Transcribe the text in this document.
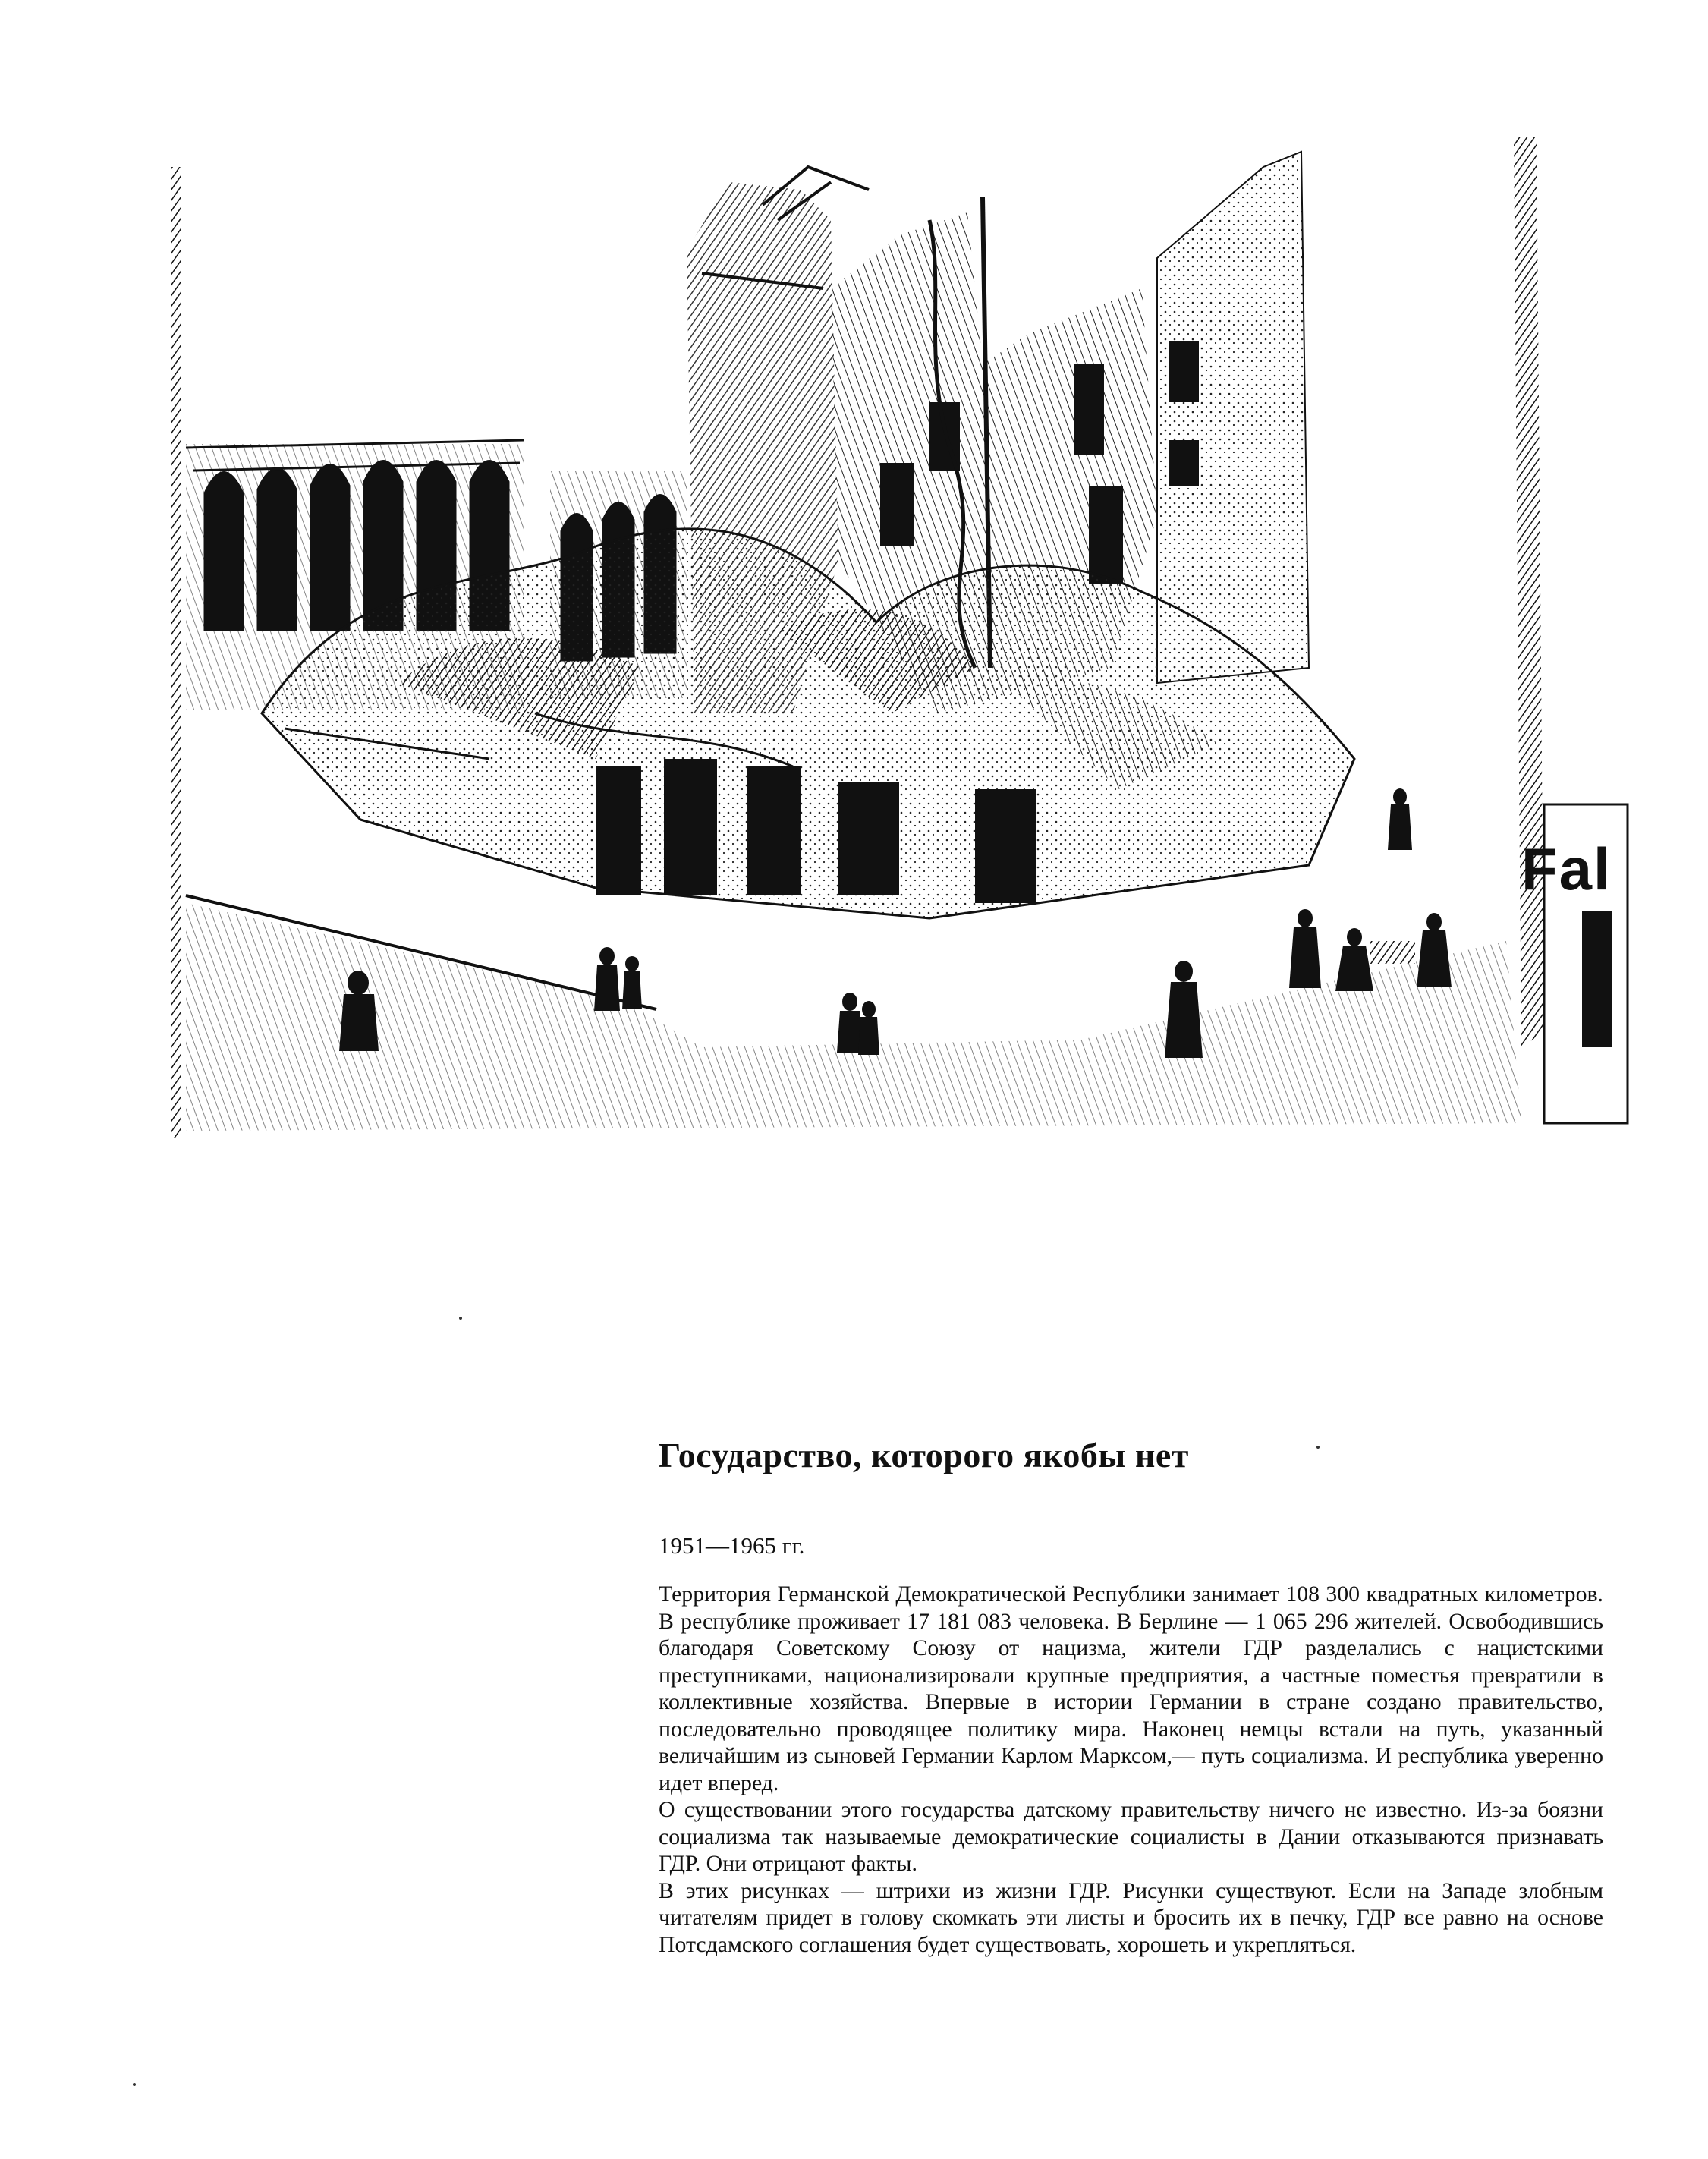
Fal
Государство, которого якобы нет
1951—1965 гг.

Территория Германской Демократической Республики занимает 108 300 квадратных километров. В республике проживает 17 181 083 человека. В Берлине — 1 065 296 жителей. Освободившись благодаря Советскому Союзу от нацизма, жители ГДР разделались с нацистскими преступниками, национализировали крупные предприятия, а частные поместья превратили в коллективные хозяйства. Впервые в истории Германии в стране создано правительство, последовательно проводящее политику мира. Наконец немцы встали на путь, указанный величайшим из сыновей Германии Карлом Марксом,— путь социализма. И республика уверенно идет вперед.

О существовании этого государства датскому правительству ничего не известно. Из-за боязни социализма так называемые демократические социалисты в Дании отказываются признавать ГДР. Они отрицают факты.

В этих рисунках — штрихи из жизни ГДР. Рисунки существуют. Если на Западе злобным читателям придет в голову скомкать эти листы и бросить их в печку, ГДР все равно на основе Потсдамского соглашения будет существовать, хорошеть и укрепляться.
